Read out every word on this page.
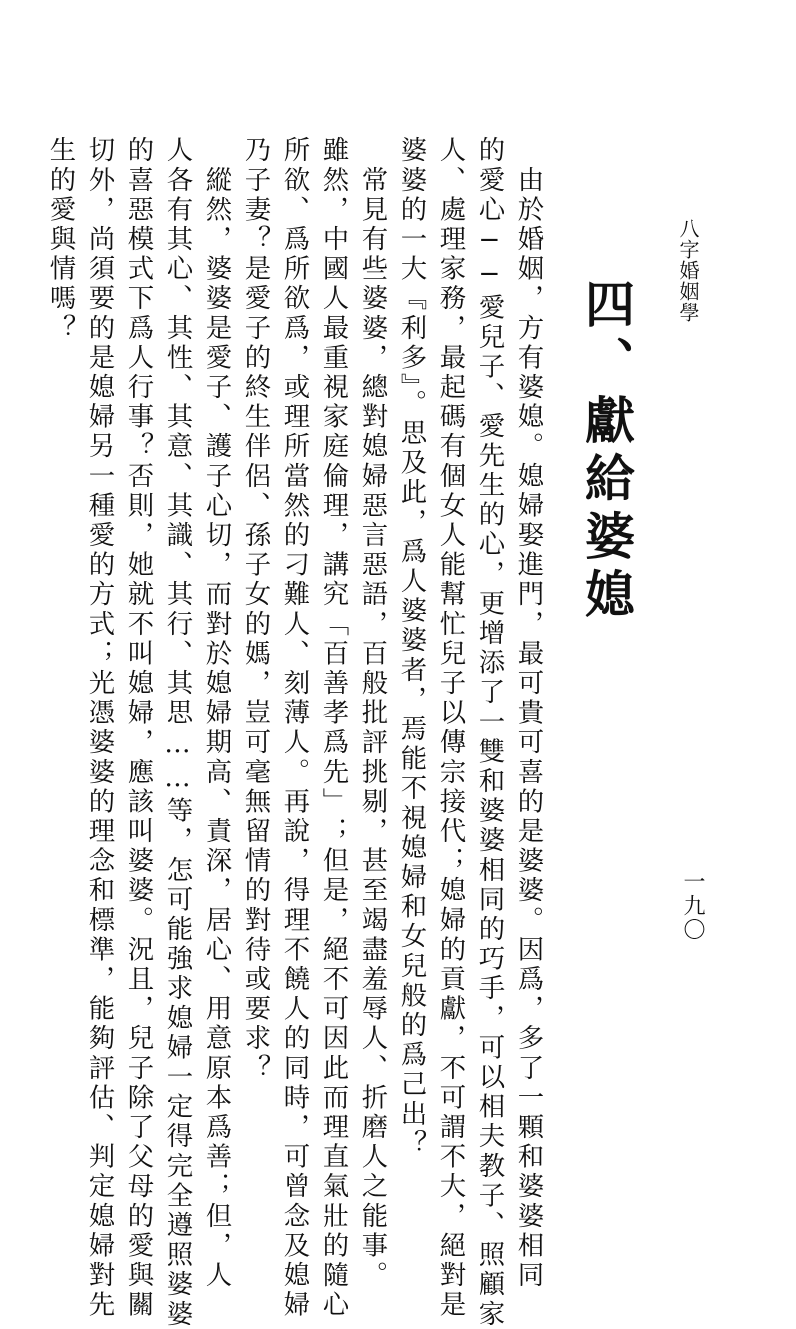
八字婚姻學
一九〇
四、獻給婆媳
　由於婚姻，方有婆媳。媳婦娶進門，最可貴可喜的是婆婆。因爲，多了一顆和婆婆相同
的愛心──愛兒子、愛先生的心，更增添了一雙和婆婆相同的巧手，可以相夫教子、照顧家
人、處理家務，最起碼有個女人能幫忙兒子以傳宗接代；媳婦的貢獻，不可謂不大，絕對是
婆婆的一大『利多』。思及此，爲人婆婆者，焉能不視媳婦和女兒般的爲己出？
　常見有些婆婆，總對媳婦惡言惡語，百般批評挑剔，甚至竭盡羞辱人、折磨人之能事。
雖然，中國人最重視家庭倫理，講究「百善孝爲先」；但是，絕不可因此而理直氣壯的隨心
所欲、爲所欲爲，或理所當然的刁難人、刻薄人。再說，得理不饒人的同時，可曾念及媳婦
乃子妻？是愛子的終生伴侶、孫子女的媽，豈可毫無留情的對待或要求？
　縱然，婆婆是愛子、護子心切，而對於媳婦期高、責深，居心、用意原本爲善；但，人
人各有其心、其性、其意、其識、其行、其思……等，怎可能強求媳婦一定得完全遵照婆婆
的喜惡模式下爲人行事？否則，她就不叫媳婦，應該叫婆婆。況且，兒子除了父母的愛與關
切外，尚須要的是媳婦另一種愛的方式；光憑婆婆的理念和標準，能夠評估、判定媳婦對先
生的愛與情嗎？
